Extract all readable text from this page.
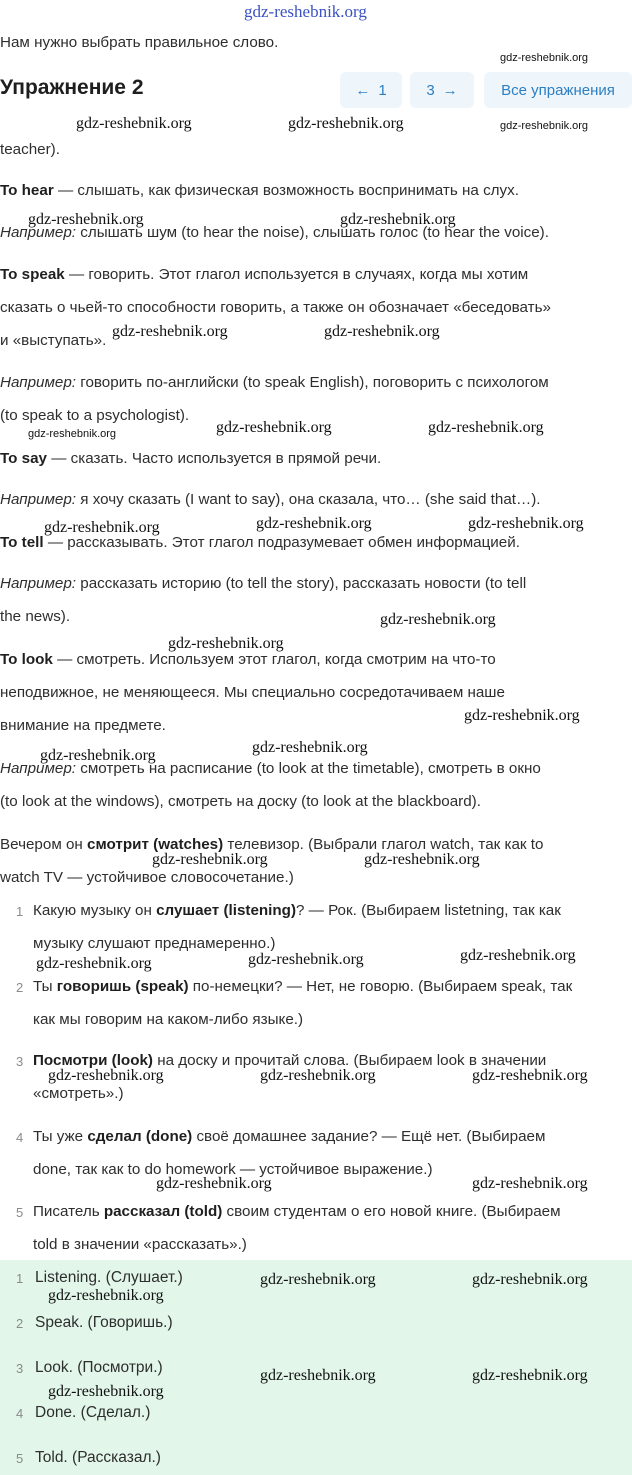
gdz-reshebnik.org
Нам нужно выбрать правильное слово.
Упражнение 2	← 1	3 →	Все упражнения
teacher).
To hear — слышать, как физическая возможность воспринимать на слух.
Например: слышать шум (to hear the noise), слышать голос (to hear the voice).
To speak — говорить. Этот глагол используется в случаях, когда мы хотим
сказать о чьей-то способности говорить, а также он обозначает «беседовать»
и «выступать».
Например: говорить по-английски (to speak English), поговорить с психологом
(to speak to a psychologist).
To say — сказать. Часто используется в прямой речи.
Например: я хочу сказать (I want to say), она сказала, что… (she said that…).
To tell — рассказывать. Этот глагол подразумевает обмен информацией.
Например: рассказать историю (to tell the story), рассказать новости (to tell
the news).
To look — смотреть. Используем этот глагол, когда смотрим на что-то
неподвижное, не меняющееся. Мы специально сосредотачиваем наше
внимание на предмете.
Например: смотреть на расписание (to look at the timetable), смотреть в окно
(to look at the windows), смотреть на доску (to look at the blackboard).
Вечером он смотрит (watches) телевизор. (Выбрали глагол watch, так как to
watch TV — устойчивое словосочетание.)
1 Какую музыку он слушает (listening)? — Рок. (Выбираем listetning, так как
музыку слушают преднамеренно.)
2 Ты говоришь (speak) по-немецки? — Нет, не говорю. (Выбираем speak, так
как мы говорим на каком-либо языке.)
3 Посмотри (look) на доску и прочитай слова. (Выбираем look в значении
«смотреть».)
4 Ты уже сделал (done) своё домашнее задание? — Ещё нет. (Выбираем
done, так как to do homework — устойчивое выражение.)
5 Писатель рассказал (told) своим студентам о его новой книге. (Выбираем
told в значении «рассказать».)
1 Listening. (Слушает.)
2 Speak. (Говоришь.)
3 Look. (Посмотри.)
4 Done. (Сделал.)
5 Told. (Рассказал.)
gdz-reshebnik.org
gdz-reshebnik.org	gdz-reshebnik.org	gdz-reshebnik.org
gdz-reshebnik.org	gdz-reshebnik.org
gdz-reshebnik.org	gdz-reshebnik.org
gdz-reshebnik.org	gdz-reshebnik.org	gdz-reshebnik.org
gdz-reshebnik.org	gdz-reshebnik.org	gdz-reshebnik.org
gdz-reshebnik.org
gdz-reshebnik.org
gdz-reshebnik.org
gdz-reshebnik.org	gdz-reshebnik.org
gdz-reshebnik.org	gdz-reshebnik.org
gdz-reshebnik.org
gdz-reshebnik.org
gdz-reshebnik.org
gdz-reshebnik.org	gdz-reshebnik.org	gdz-reshebnik.org
gdz-reshebnik.org	gdz-reshebnik.org
gdz-reshebnik.org	gdz-reshebnik.org
gdz-reshebnik.org
gdz-reshebnik.org	gdz-reshebnik.org
gdz-reshebnik.org
